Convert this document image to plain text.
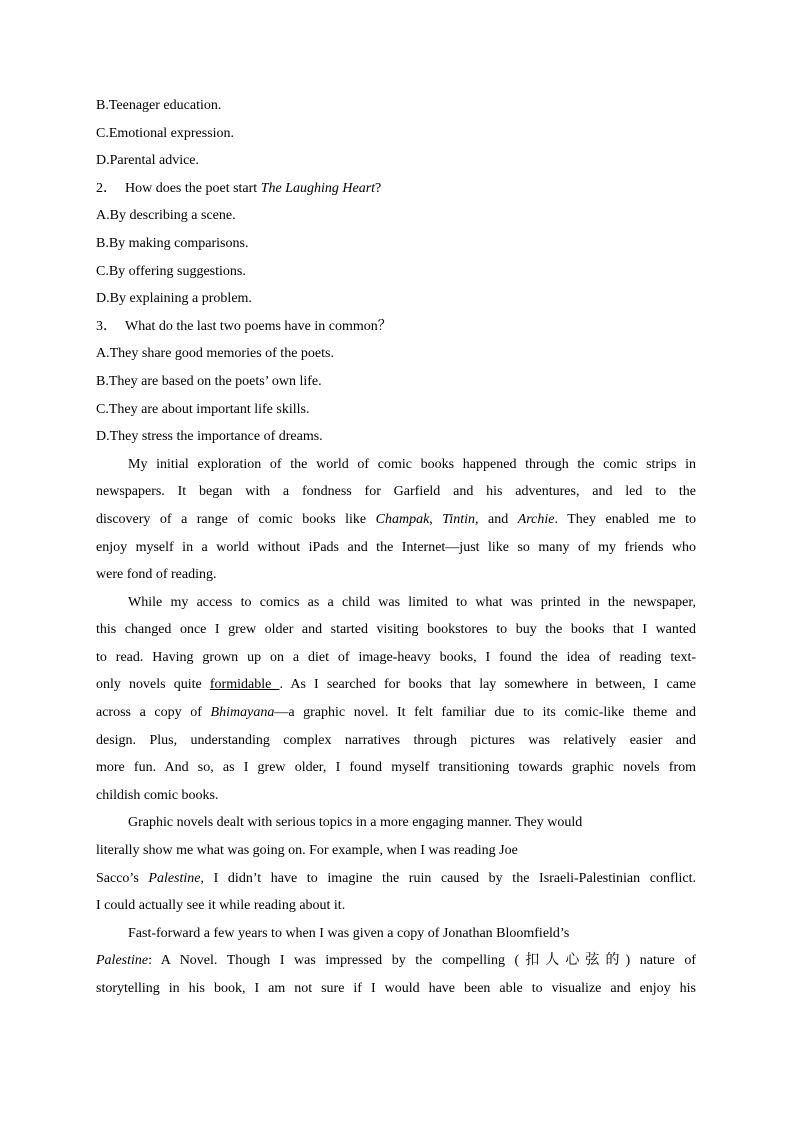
B.Teenager education.
C.Emotional expression.
D.Parental advice.
2． How does the poet start The Laughing Heart?
A.By describing a scene.
B.By making comparisons.
C.By offering suggestions.
D.By explaining a problem.
3． What do the last two poems have in common？
A.They share good memories of the poets.
B.They are based on the poets’ own life.
C.They are about important life skills.
D.They stress the importance of dreams.
My initial exploration of the world of comic books happened through the comic strips in
newspapers. It began with a fondness for Garfield and his adventures, and led to the
discovery of a range of comic books like Champak, Tintin, and Archie. They enabled me to
enjoy myself in a world without iPads and the Internet—just like so many of my friends who
were fond of reading.
While my access to comics as a child was limited to what was printed in the newspaper,
this changed once I grew older and started visiting bookstores to buy the books that I wanted
to read. Having grown up on a diet of image-heavy books, I found the idea of reading text-
only novels quite formidable . As I searched for books that lay somewhere in between, I came
across a copy of Bhimayana—a graphic novel. It felt familiar due to its comic-like theme and
design. Plus, understanding complex narratives through pictures was relatively easier and
more fun. And so, as I grew older, I found myself transitioning towards graphic novels from
childish comic books.
Graphic novels dealt with serious topics in a more engaging manner. They would
literally show me what was going on. For example, when I was reading Joe
Sacco’s Palestine, I didn’t have to imagine the ruin caused by the Israeli-Palestinian conflict.
I could actually see it while reading about it.
Fast-forward a few years to when I was given a copy of Jonathan Bloomfield’s
Palestine: A Novel. Though I was impressed by the compelling (扣人心弦的) nature of
storytelling in his book, I am not sure if I would have been able to visualize and enjoy his
